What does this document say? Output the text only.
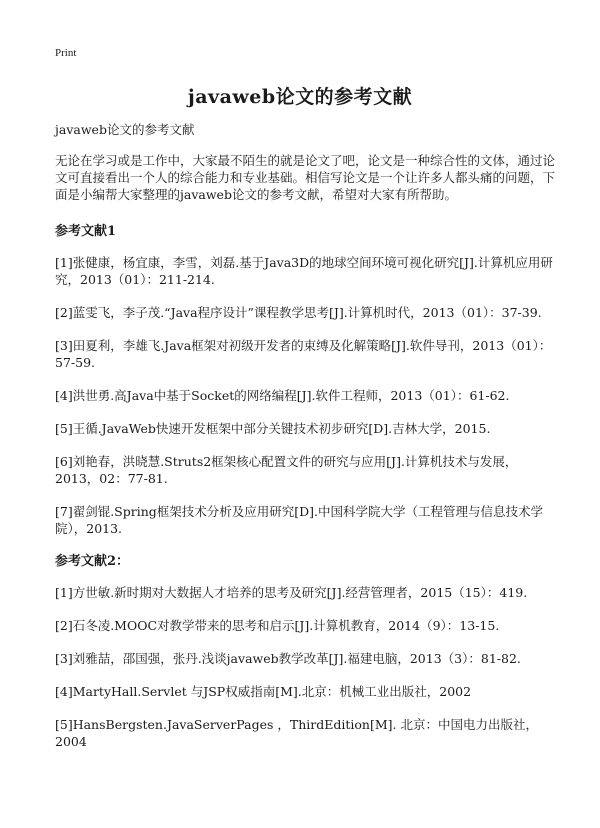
Print
javaweb论文的参考文献

javaweb论文的参考文献

无论在学习或是工作中，大家最不陌生的就是论文了吧，论文是一种综合性的文体，通过论文可直接看出一个人的综合能力和专业基础。相信写论文是一个让许多人都头痛的问题，下面是小编帮大家整理的javaweb论文的参考文献，希望对大家有所帮助。

参考文献1

[1]张健康，杨宜康，李雪，刘磊.基于Java3D的地球空间环境可视化研究[J].计算机应用研究，2013（01）：211-214.
[2]蓝雯飞，李子茂.“Java程序设计”课程教学思考[J].计算机时代，2013（01）：37-39.
[3]田夏利，李雄飞.Java框架对初级开发者的束缚及化解策略[J].软件导刊，2013（01）：57-59.
[4]洪世勇.高Java中基于Socket的网络编程[J].软件工程师，2013（01）：61-62.
[5]王循.JavaWeb快速开发框架中部分关键技术初步研究[D].吉林大学，2015.
[6]刘艳春，洪晓慧.Struts2框架核心配置文件的研究与应用[J].计算机技术与发展，2013，02：77-81.
[7]翟剑锟.Spring框架技术分析及应用研究[D].中国科学院大学（工程管理与信息技术学院），2013.

参考文献2：

[1]方世敏.新时期对大数据人才培养的思考及研究[J].经营管理者，2015（15）：419.
[2]石冬凌.MOOC对教学带来的思考和启示[J].计算机教育，2014（9）：13-15.
[3]刘雅喆，邵国强，张丹.浅谈javaweb教学改革[J].福建电脑，2013（3）：81-82.
[4]MartyHall.Servlet 与JSP权威指南[M].北京：机械工业出版社，2002
[5]HansBergsten.JavaServerPages ，ThirdEdition[M]. 北京：中国电力出版社，2004
